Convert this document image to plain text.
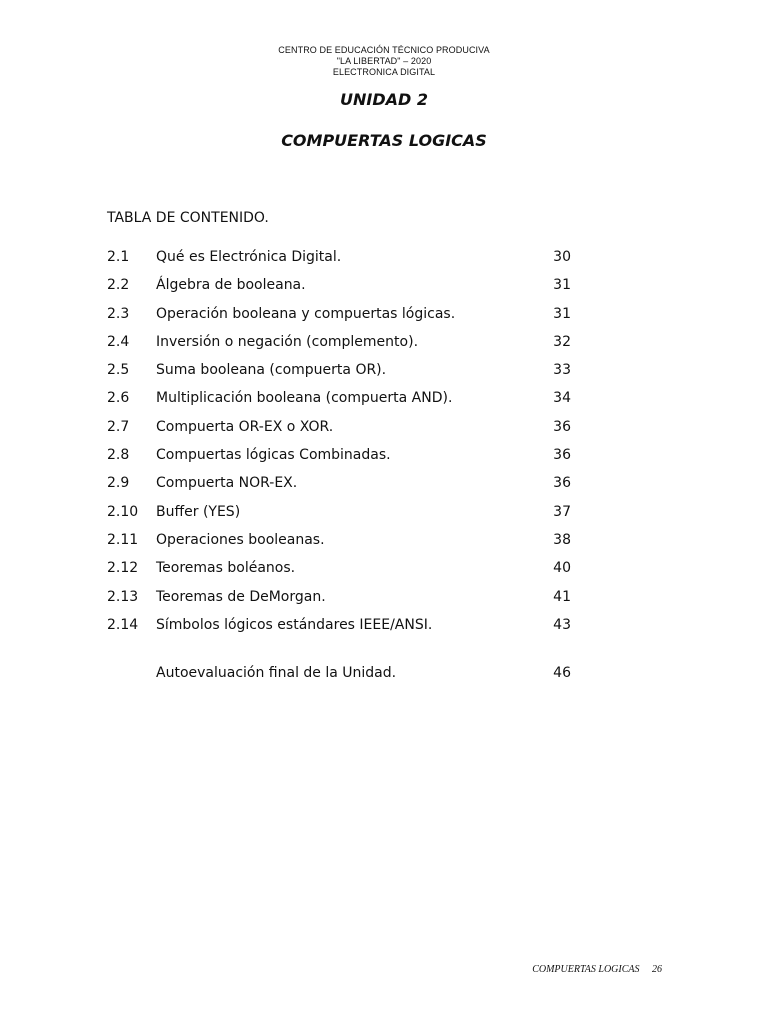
CENTRO DE EDUCACIÓN TÉCNICO PRODUCIVA
"LA LIBERTAD" – 2020
ELECTRONICA DIGITAL
UNIDAD 2
COMPUERTAS LOGICAS
TABLA DE CONTENIDO.
2.1 Qué es Electrónica Digital.	30
2.2 Álgebra de booleana.	31
2.3 Operación booleana y compuertas lógicas.	31
2.4 Inversión o negación (complemento).	32
2.5 Suma booleana (compuerta OR).	33
2.6 Multiplicación booleana (compuerta AND).	34
2.7 Compuerta OR-EX o XOR.	36
2.8 Compuertas lógicas Combinadas.	36
2.9 Compuerta NOR-EX.	36
2.10 Buffer (YES)	37
2.11 Operaciones booleanas.	38
2.12 Teoremas boléanos.	40
2.13 Teoremas de DeMorgan.	41
2.14 Símbolos lógicos estándares IEEE/ANSI.	43
Autoevaluación final de la Unidad.	46
COMPUERTAS LOGICAS 26
